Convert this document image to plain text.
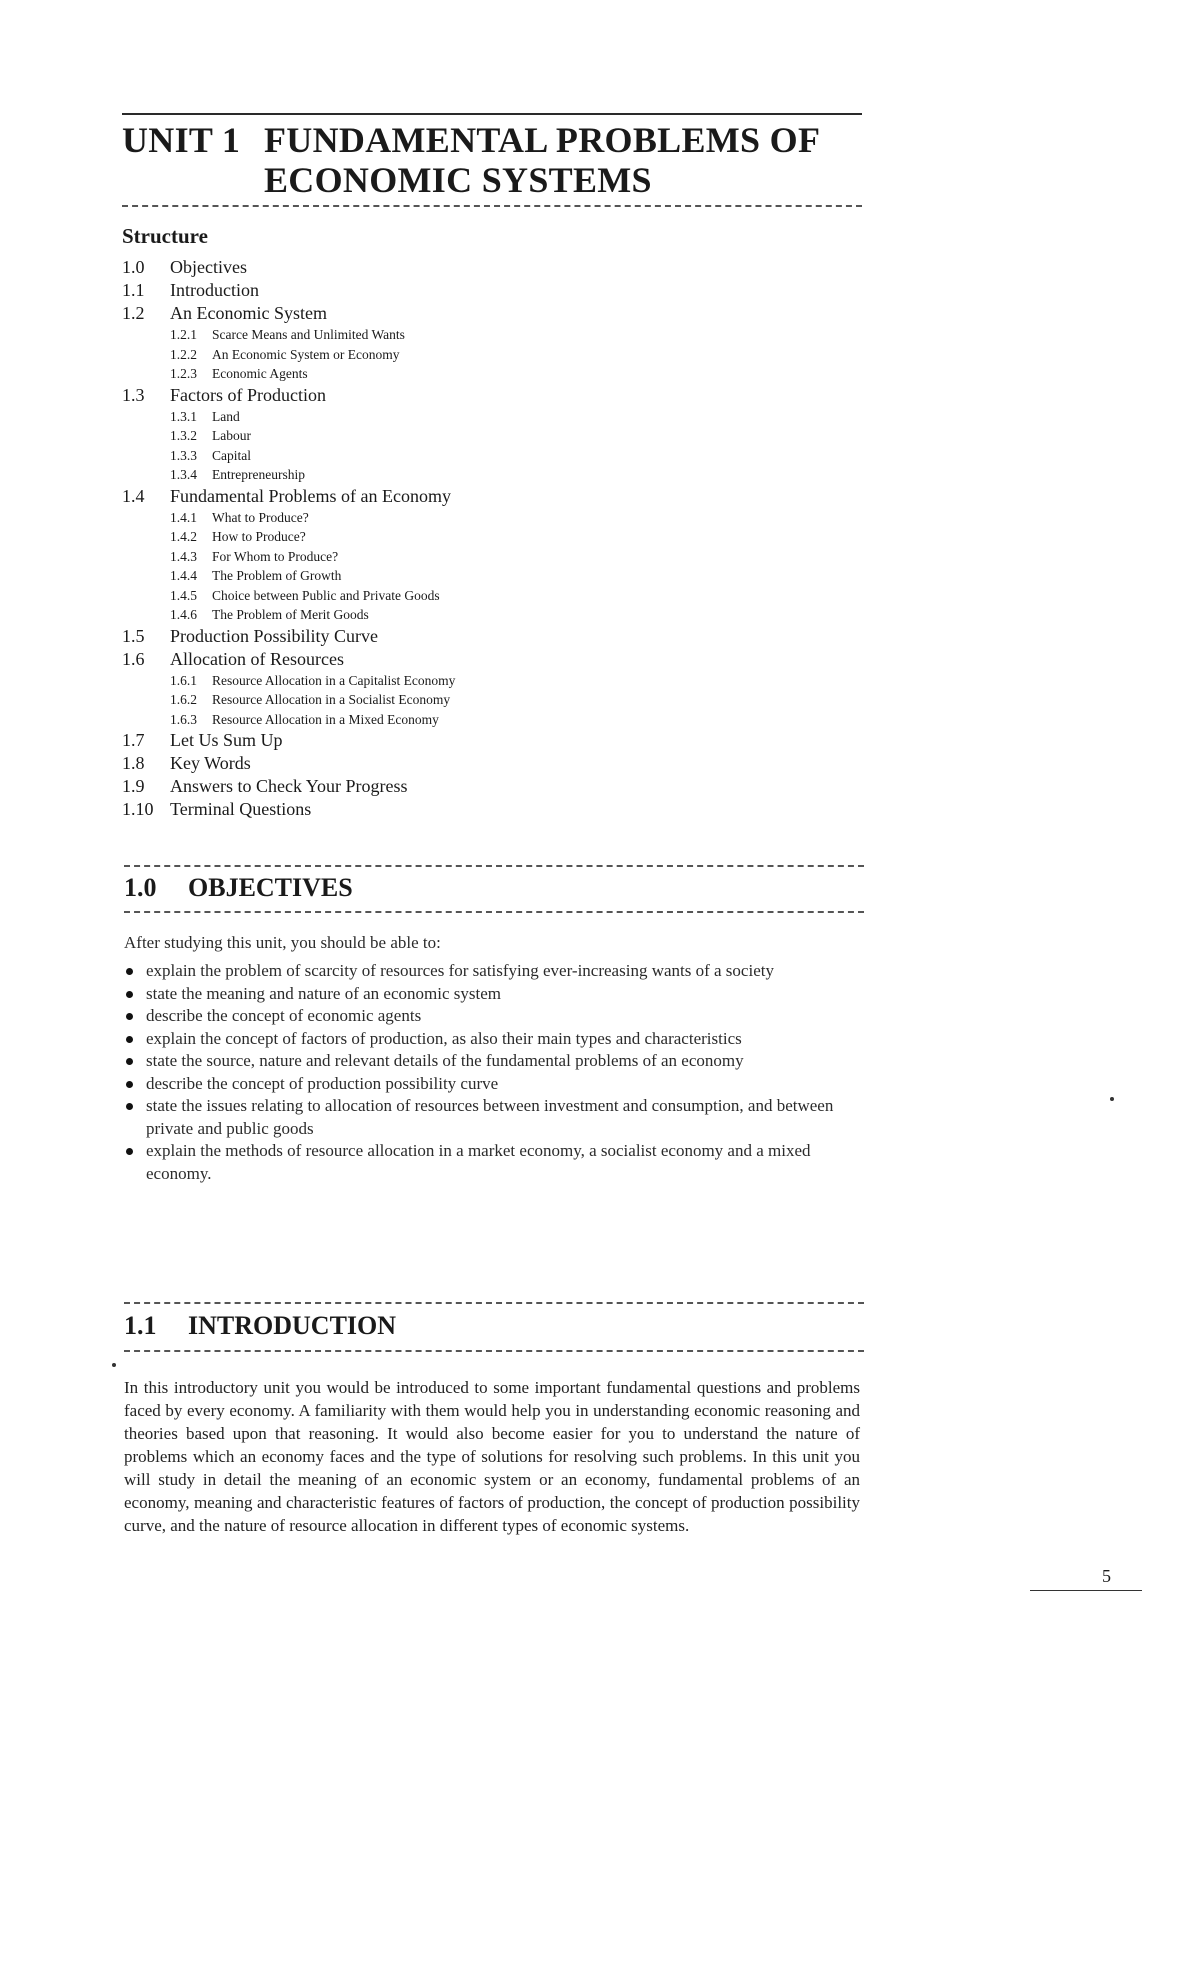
UNIT 1 FUNDAMENTAL PROBLEMS OF
ECONOMIC SYSTEMS
Structure
1.0	Objectives
1.1	Introduction
1.2	An Economic System
1.2.1	Scarce Means and Unlimited Wants
1.2.2	An Economic System or Economy
1.2.3	Economic Agents
1.3	Factors of Production
1.3.1	Land
1.3.2	Labour
1.3.3	Capital
1.3.4	Entrepreneurship
1.4	Fundamental Problems of an Economy
1.4.1	What to Produce?
1.4.2	How to Produce?
1.4.3	For Whom to Produce?
1.4.4	The Problem of Growth
1.4.5	Choice between Public and Private Goods
1.4.6	The Problem of Merit Goods
1.5	Production Possibility Curve
1.6	Allocation of Resources
1.6.1	Resource Allocation in a Capitalist Economy
1.6.2	Resource Allocation in a Socialist Economy
1.6.3	Resource Allocation in a Mixed Economy
1.7	Let Us Sum Up
1.8	Key Words
1.9	Answers to Check Your Progress
1.10 Terminal Questions
1.0	OBJECTIVES
After studying this unit, you should be able to:
explain the problem of scarcity of resources for satisfying ever-increasing wants of a society
state the meaning and nature of an economic system
describe the concept of economic agents
explain the concept of factors of production, as also their main types and characteristics
state the source, nature and relevant details of the fundamental problems of an economy
describe the concept of production possibility curve
state the issues relating to allocation of resources between investment and consumption, and between private and public goods
explain the methods of resource allocation in a market economy, a socialist economy and a mixed economy.
1.1	INTRODUCTION
In this introductory unit you would be introduced to some important fundamental questions and problems faced by every economy. A familiarity with them would help you in understanding economic reasoning and theories based upon that reasoning. It would also become easier for you to understand the nature of problems which an economy faces and the type of solutions for resolving such problems. In this unit you will study in detail the meaning of an economic system or an economy, fundamental problems of an economy, meaning and characteristic features of factors of production, the concept of production possibility curve, and the nature of resource allocation in different types of economic systems.
5
